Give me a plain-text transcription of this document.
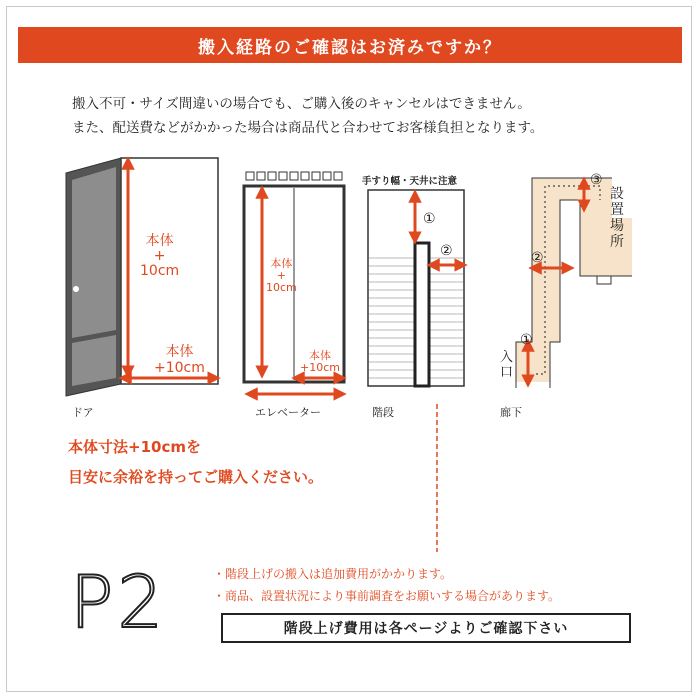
搬入経路のご確認はお済みですか？
搬入不可・サイズ間違いの場合でも、ご購入後のキャンセルはできません。
また、配送費などがかかった場合は商品代と合わせてお客様負担となります。
本体
+
10cm
本体
+10cm
ドア
本体
+
10cm
本体
+10cm
エレベーター
手すり幅・天井に注意
①
②
階段
①
②
③
入
口
設
置
場
所
廊下
本体寸法+10cmを
目安に余裕を持ってご購入ください。
P2	・階段上げの搬入は追加費用がかかります。
・商品、設置状況により事前調査をお願いする場合があります。
階段上げ費用は各ページよりご確認下さい
